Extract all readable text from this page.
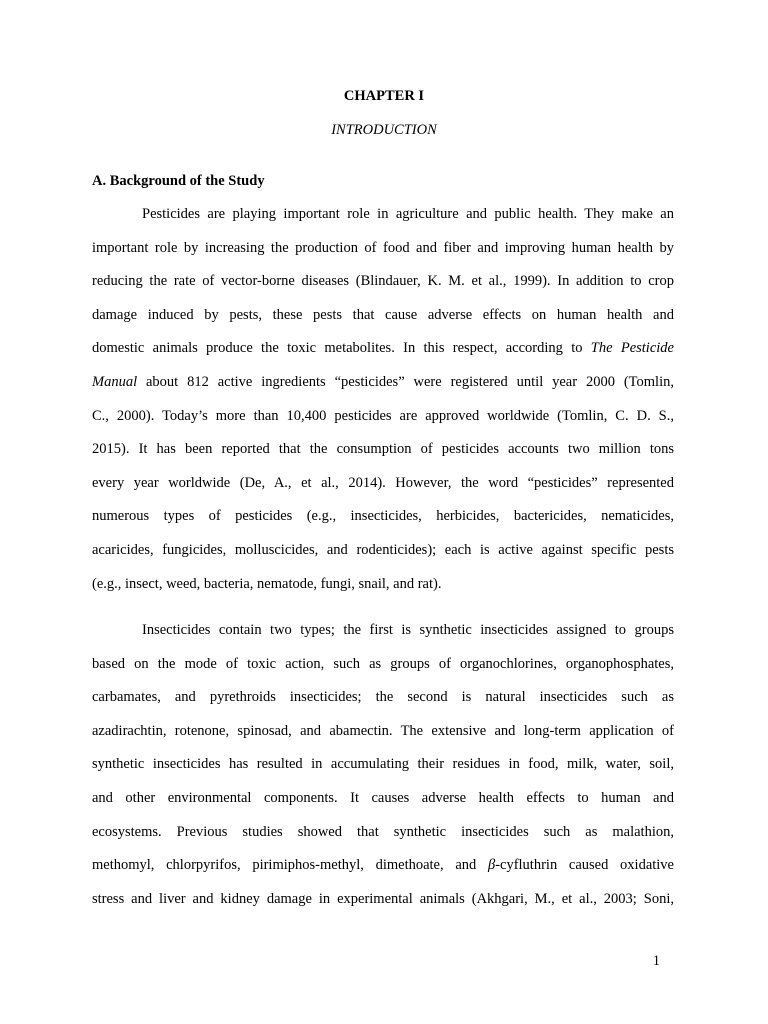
CHAPTER I
INTRODUCTION
A. Background of the Study
Pesticides are playing important role in agriculture and public health. They make an
important role by increasing the production of food and fiber and improving human health by
reducing the rate of vector-borne diseases (Blindauer, K. M. et al., 1999). In addition to crop
damage induced by pests, these pests that cause adverse effects on human health and
domestic animals produce the toxic metabolites. In this respect, according to The Pesticide
Manual about 812 active ingredients “pesticides” were registered until year 2000 (Tomlin,
C., 2000). Today’s more than 10,400 pesticides are approved worldwide (Tomlin, C. D. S.,
2015). It has been reported that the consumption of pesticides accounts two million tons
every year worldwide (De, A., et al., 2014). However, the word “pesticides” represented
numerous types of pesticides (e.g., insecticides, herbicides, bactericides, nematicides,
acaricides, fungicides, molluscicides, and rodenticides); each is active against specific pests
(e.g., insect, weed, bacteria, nematode, fungi, snail, and rat).
Insecticides contain two types; the first is synthetic insecticides assigned to groups
based on the mode of toxic action, such as groups of organochlorines, organophosphates,
carbamates, and pyrethroids insecticides; the second is natural insecticides such as
azadirachtin, rotenone, spinosad, and abamectin. The extensive and long-term application of
synthetic insecticides has resulted in accumulating their residues in food, milk, water, soil,
and other environmental components. It causes adverse health effects to human and
ecosystems. Previous studies showed that synthetic insecticides such as malathion,
methomyl, chlorpyrifos, pirimiphos-methyl, dimethoate, and β-cyfluthrin caused oxidative
stress and liver and kidney damage in experimental animals (Akhgari, M., et al., 2003; Soni,
1
